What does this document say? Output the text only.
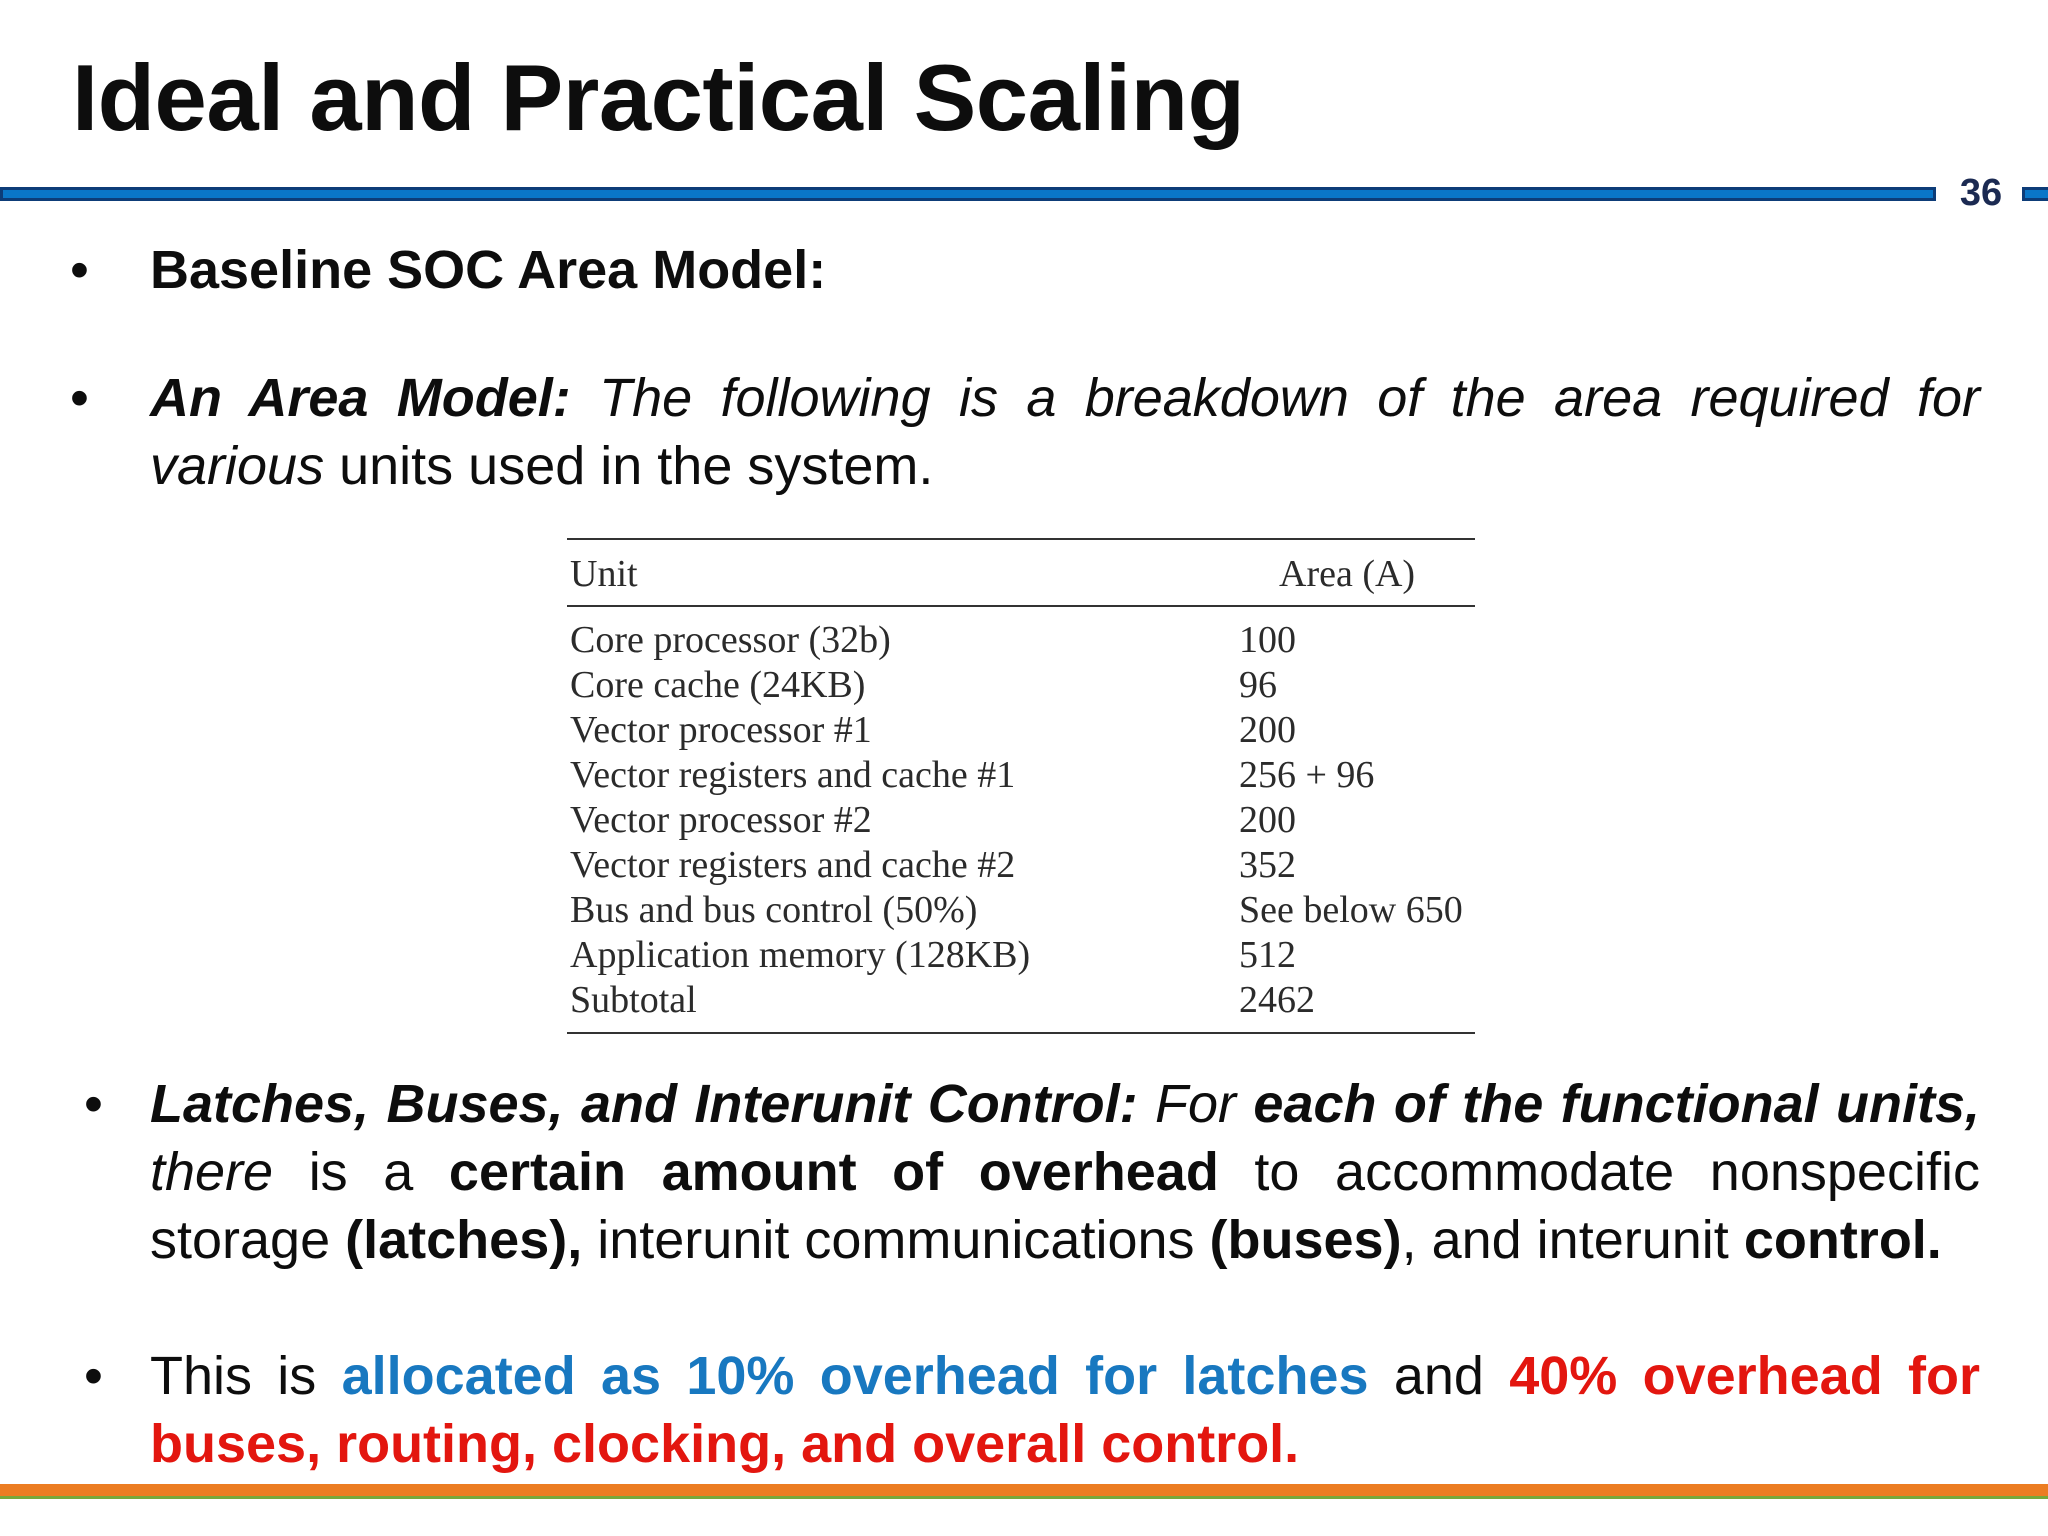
Ideal and Practical Scaling
36
• Baseline SOC Area Model:
• An Area Model: The following is a breakdown of the area required for various units used in the system.
Unit	Area (A)
Core processor (32b)	100
Core cache (24KB)	96
Vector processor #1	200
Vector registers and cache #1	256 + 96
Vector processor #2	200
Vector registers and cache #2	352
Bus and bus control (50%)	See below 650
Application memory (128KB)	512
Subtotal	2462
• Latches, Buses, and Interunit Control: For each of the functional units, there is a certain amount of overhead to accommodate nonspecific storage (latches), interunit communications (buses), and interunit control.
• This is allocated as 10% overhead for latches and 40% overhead for buses, routing, clocking, and overall control.
